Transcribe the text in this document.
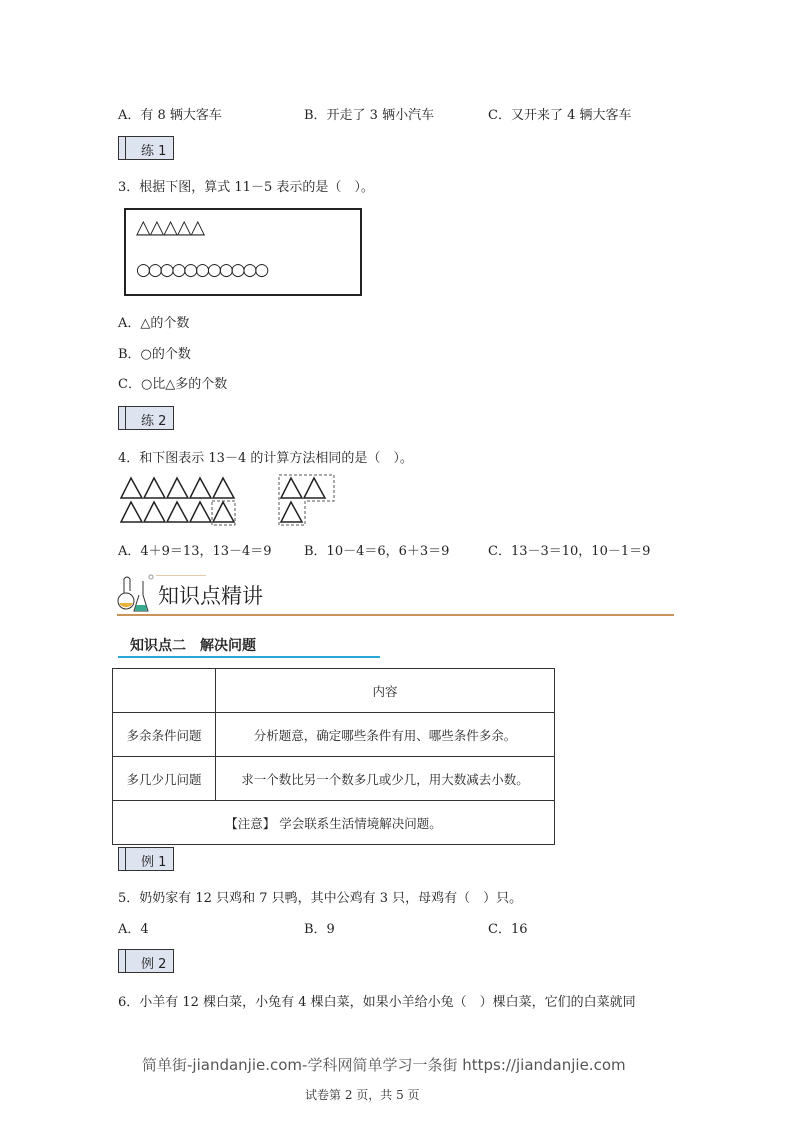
A．有 8 辆大客车	B．开走了 3 辆小汽车	C．又开来了 4 辆大客车
练 1
3．根据下图，算式 11－5 表示的是（　）。
△△△△△
○○○○○○○○○○○
A．△的个数
B．○的个数
C．○比△多的个数
练 2
4．和下图表示 13－4 的计算方法相同的是（　）。
A．4＋9＝13，13－4＝9 B．10－4＝6，6＋3＝9	C．13－3＝10，10－1＝9
知识点精讲
知识点二　解决问题
	内容
多余条件问题	分析题意，确定哪些条件有用、哪些条件多余。
多几少几问题	求一个数比另一个数多几或少几，用大数减去小数。
【注意】 学会联系生活情境解决问题。	
例 1
5．奶奶家有 12 只鸡和 7 只鸭，其中公鸡有 3 只，母鸡有（　）只。
A．4	B．9	C．16
例 2
6．小羊有 12 棵白菜，小兔有 4 棵白菜，如果小羊给小兔（　）棵白菜，它们的白菜就同
简单街-jiandanjie.com-学科网简单学习一条街 https://jiandanjie.com
试卷第 2 页，共 5 页
